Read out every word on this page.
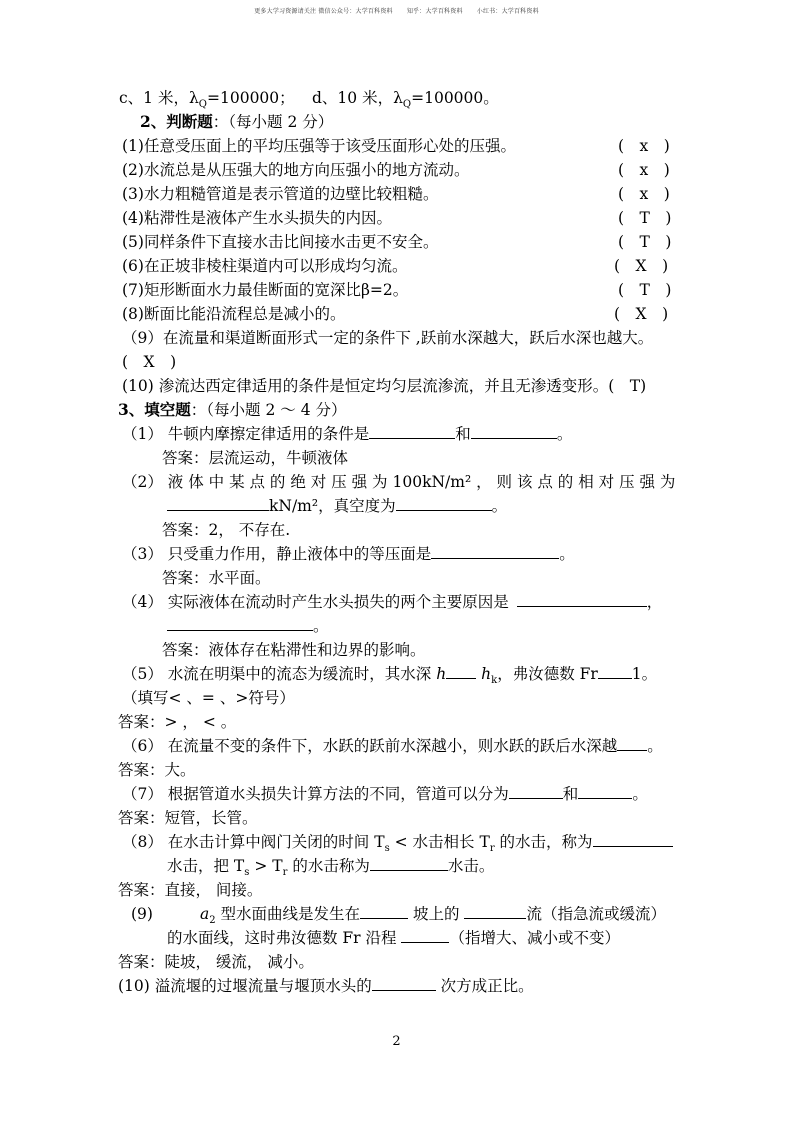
更多大学习资源请关注 微信公众号：大学百科资料 知乎：大学百科资料 小红书：大学百科资料
c、1 米，$\lambda_Q=100000$； d、10 米，$\lambda_Q=100000$。
2、判断题：（每小题 2 分）
(1)任意受压面上的平均压强等于该受压面形心处的压强。	(　x　)
(2)水流总是从压强大的地方向压强小的地方流动。	(　x　)
(3)水力粗糙管道是表示管道的边壁比较粗糙。	(　x　)
(4)粘滞性是液体产生水头损失的内因。	(　T　)
(5)同样条件下直接水击比间接水击更不安全。	(　T　)
(6)在正坡非棱柱渠道内可以形成均匀流。	(　X　)
(7)矩形断面水力最佳断面的宽深比β=2。	(　T　)
(8)断面比能沿流程总是减小的。	(　X　)
（9）在流量和渠道断面形式一定的条件下 ,跃前水深越大，跃后水深也越大。
(　X　)
(10) 渗流达西定律适用的条件是恒定均匀层流渗流，并且无渗透变形。(　T)
3、填空题：（每小题 2 ～ 4 分）
（1） 牛顿内摩擦定律适用的条件是	和	。
答案：层流运动，牛顿液体
（2） 液 体 中 某 点 的 绝 对 压 强 为 100kN/m² ， 则 该 点 的 相 对 压 强 为
kN/m²，真空度为	。
答案：2， 不存在.
（3） 只受重力作用，静止液体中的等压面是	。
答案：水平面。
（4） 实际液体在流动时产生水头损失的两个主要原因是	，
。
答案：液体存在粘滞性和边界的影响。
（5） 水流在明渠中的流态为缓流时，其水深 h $h_k$，弗汝德数 Fr 1。
（填写< 、= 、>符号）
答案：> ， < 。
（6） 在流量不变的条件下，水跃的跃前水深越小，则水跃的跃后水深越 。
答案：大。
（7） 根据管道水头损失计算方法的不同，管道可以分为	和	。
答案：短管，长管。
（8） 在水击计算中阀门关闭的时间 $T_s$ < 水击相长 $T_r$ 的水击，称为
水击，把 $T_s > T_r$ 的水击称为	水击。
答案：直接， 间接。
(9)	$a_2$ 型水面曲线是发生在	坡上的	流（指急流或缓流）
的水面线，这时弗汝德数 Fr 沿程	（指增大、减小或不变）
答案：陡坡， 缓流， 减小。
(10) 溢流堰的过堰流量与堰顶水头的	次方成正比。
2
